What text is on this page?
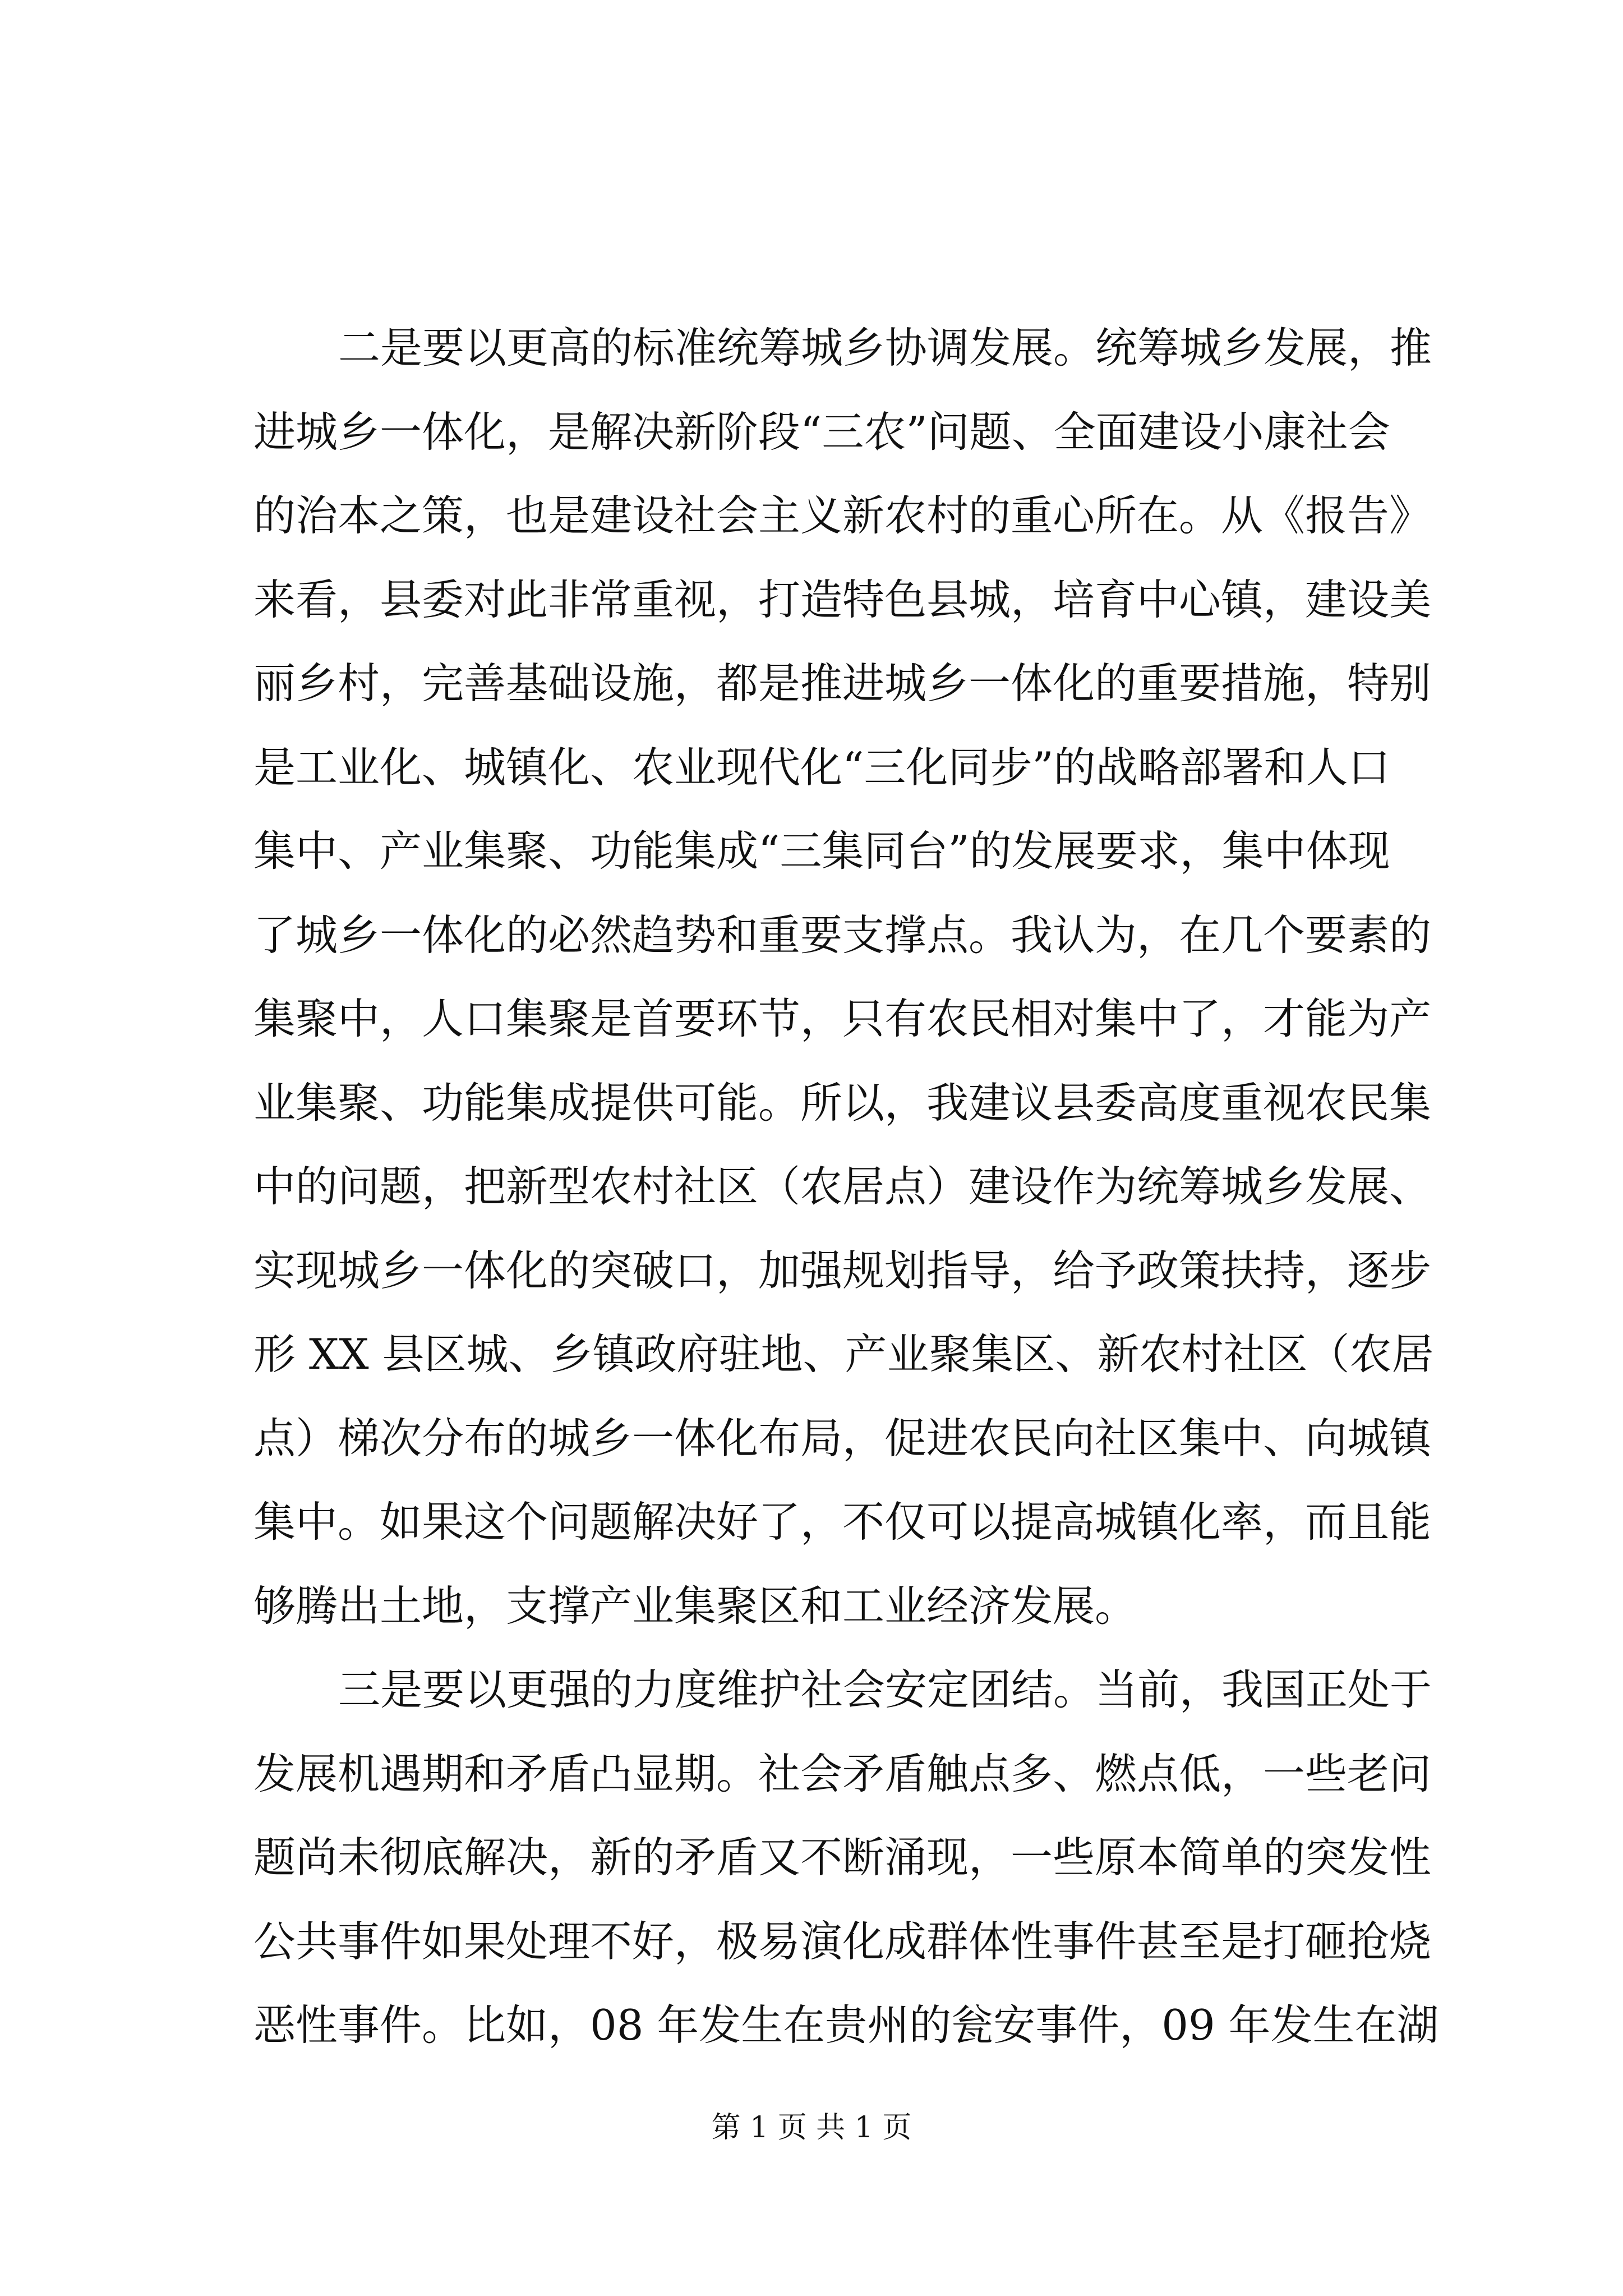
二是要以更高的标准统筹城乡协调发展。统筹城乡发展，推
进城乡一体化，是解决新阶段“三农”问题、全面建设小康社会
的治本之策，也是建设社会主义新农村的重心所在。从《报告》
来看，县委对此非常重视，打造特色县城，培育中心镇，建设美
丽乡村，完善基础设施，都是推进城乡一体化的重要措施，特别
是工业化、城镇化、农业现代化“三化同步”的战略部署和人口
集中、产业集聚、功能集成“三集同台”的发展要求，集中体现
了城乡一体化的必然趋势和重要支撑点。我认为，在几个要素的
集聚中，人口集聚是首要环节，只有农民相对集中了，才能为产
业集聚、功能集成提供可能。所以，我建议县委高度重视农民集
中的问题，把新型农村社区（农居点）建设作为统筹城乡发展、
实现城乡一体化的突破口，加强规划指导，给予政策扶持，逐步
形 XX 县区城、乡镇政府驻地、产业聚集区、新农村社区（农居
点）梯次分布的城乡一体化布局，促进农民向社区集中、向城镇
集中。如果这个问题解决好了，不仅可以提高城镇化率，而且能
够腾出土地，支撑产业集聚区和工业经济发展。
三是要以更强的力度维护社会安定团结。当前，我国正处于
发展机遇期和矛盾凸显期。社会矛盾触点多、燃点低，一些老问
题尚未彻底解决，新的矛盾又不断涌现，一些原本简单的突发性
公共事件如果处理不好，极易演化成群体性事件甚至是打砸抢烧
恶性事件。比如，08 年发生在贵州的瓮安事件，09 年发生在湖
第 1 页 共 1 页
